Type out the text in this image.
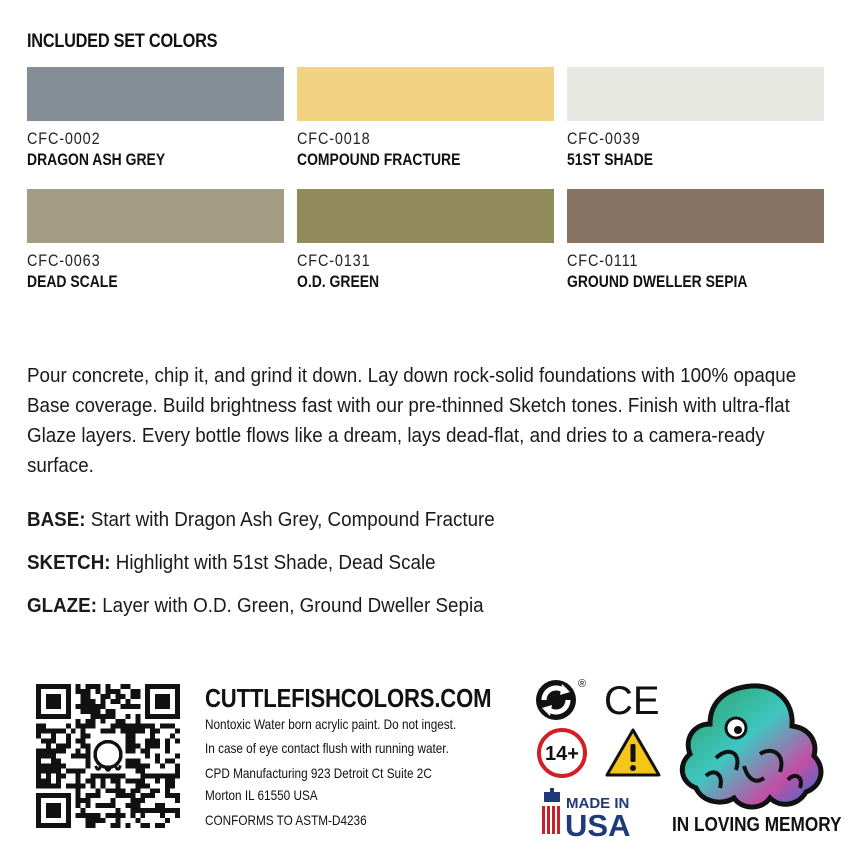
INCLUDED SET COLORS
CFC-0002
DRAGON ASH GREY
CFC-0018
COMPOUND FRACTURE
CFC-0039
51ST SHADE
CFC-0063
DEAD SCALE
CFC-0131
O.D. GREEN
CFC-0111
GROUND DWELLER SEPIA

Pour concrete, chip it, and grind it down. Lay down rock-solid foundations with 100% opaque Base coverage. Build brightness fast with our pre-thinned Sketch tones. Finish with ultra-flat Glaze layers. Every bottle flows like a dream, lays dead-flat, and dries to a camera-ready surface.

BASE: Start with Dragon Ash Grey, Compound Fracture
SKETCH: Highlight with 51st Shade, Dead Scale
GLAZE: Layer with O.D. Green, Ground Dweller Sepia
CUTTLEFISHCOLORS.COM
Nontoxic Water born acrylic paint. Do not ingest.
In case of eye contact flush with running water.
CPD Manufacturing 923 Detroit Ct Suite 2C
Morton IL 61550 USA
CONFORMS TO ASTM-D4236
® CE
14+
MADE IN
USA IN LOVING MEMORY
